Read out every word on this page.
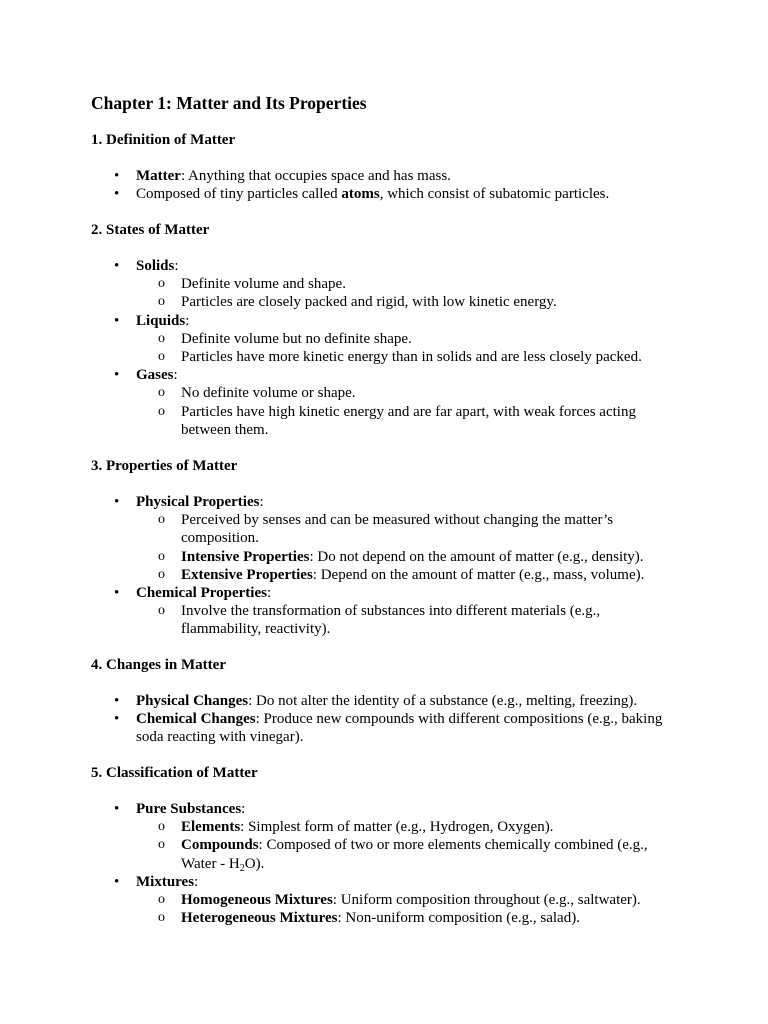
Chapter 1: Matter and Its Properties
1. Definition of Matter
• Matter: Anything that occupies space and has mass.
• Composed of tiny particles called atoms, which consist of subatomic particles.
2. States of Matter
• Solids:
o Definite volume and shape.
o Particles are closely packed and rigid, with low kinetic energy.
• Liquids:
o Definite volume but no definite shape.
o Particles have more kinetic energy than in solids and are less closely packed.
• Gases:
o No definite volume or shape.
o Particles have high kinetic energy and are far apart, with weak forces acting between them.
3. Properties of Matter
• Physical Properties:
o Perceived by senses and can be measured without changing the matter’s composition.
o Intensive Properties: Do not depend on the amount of matter (e.g., density).
o Extensive Properties: Depend on the amount of matter (e.g., mass, volume).
• Chemical Properties:
o Involve the transformation of substances into different materials (e.g., flammability, reactivity).
4. Changes in Matter
• Physical Changes: Do not alter the identity of a substance (e.g., melting, freezing).
• Chemical Changes: Produce new compounds with different compositions (e.g., baking soda reacting with vinegar).
5. Classification of Matter
• Pure Substances:
o Elements: Simplest form of matter (e.g., Hydrogen, Oxygen).
o Compounds: Composed of two or more elements chemically combined (e.g., Water - $H_2O$).
• Mixtures:
o Homogeneous Mixtures: Uniform composition throughout (e.g., saltwater).
o Heterogeneous Mixtures: Non-uniform composition (e.g., salad).
